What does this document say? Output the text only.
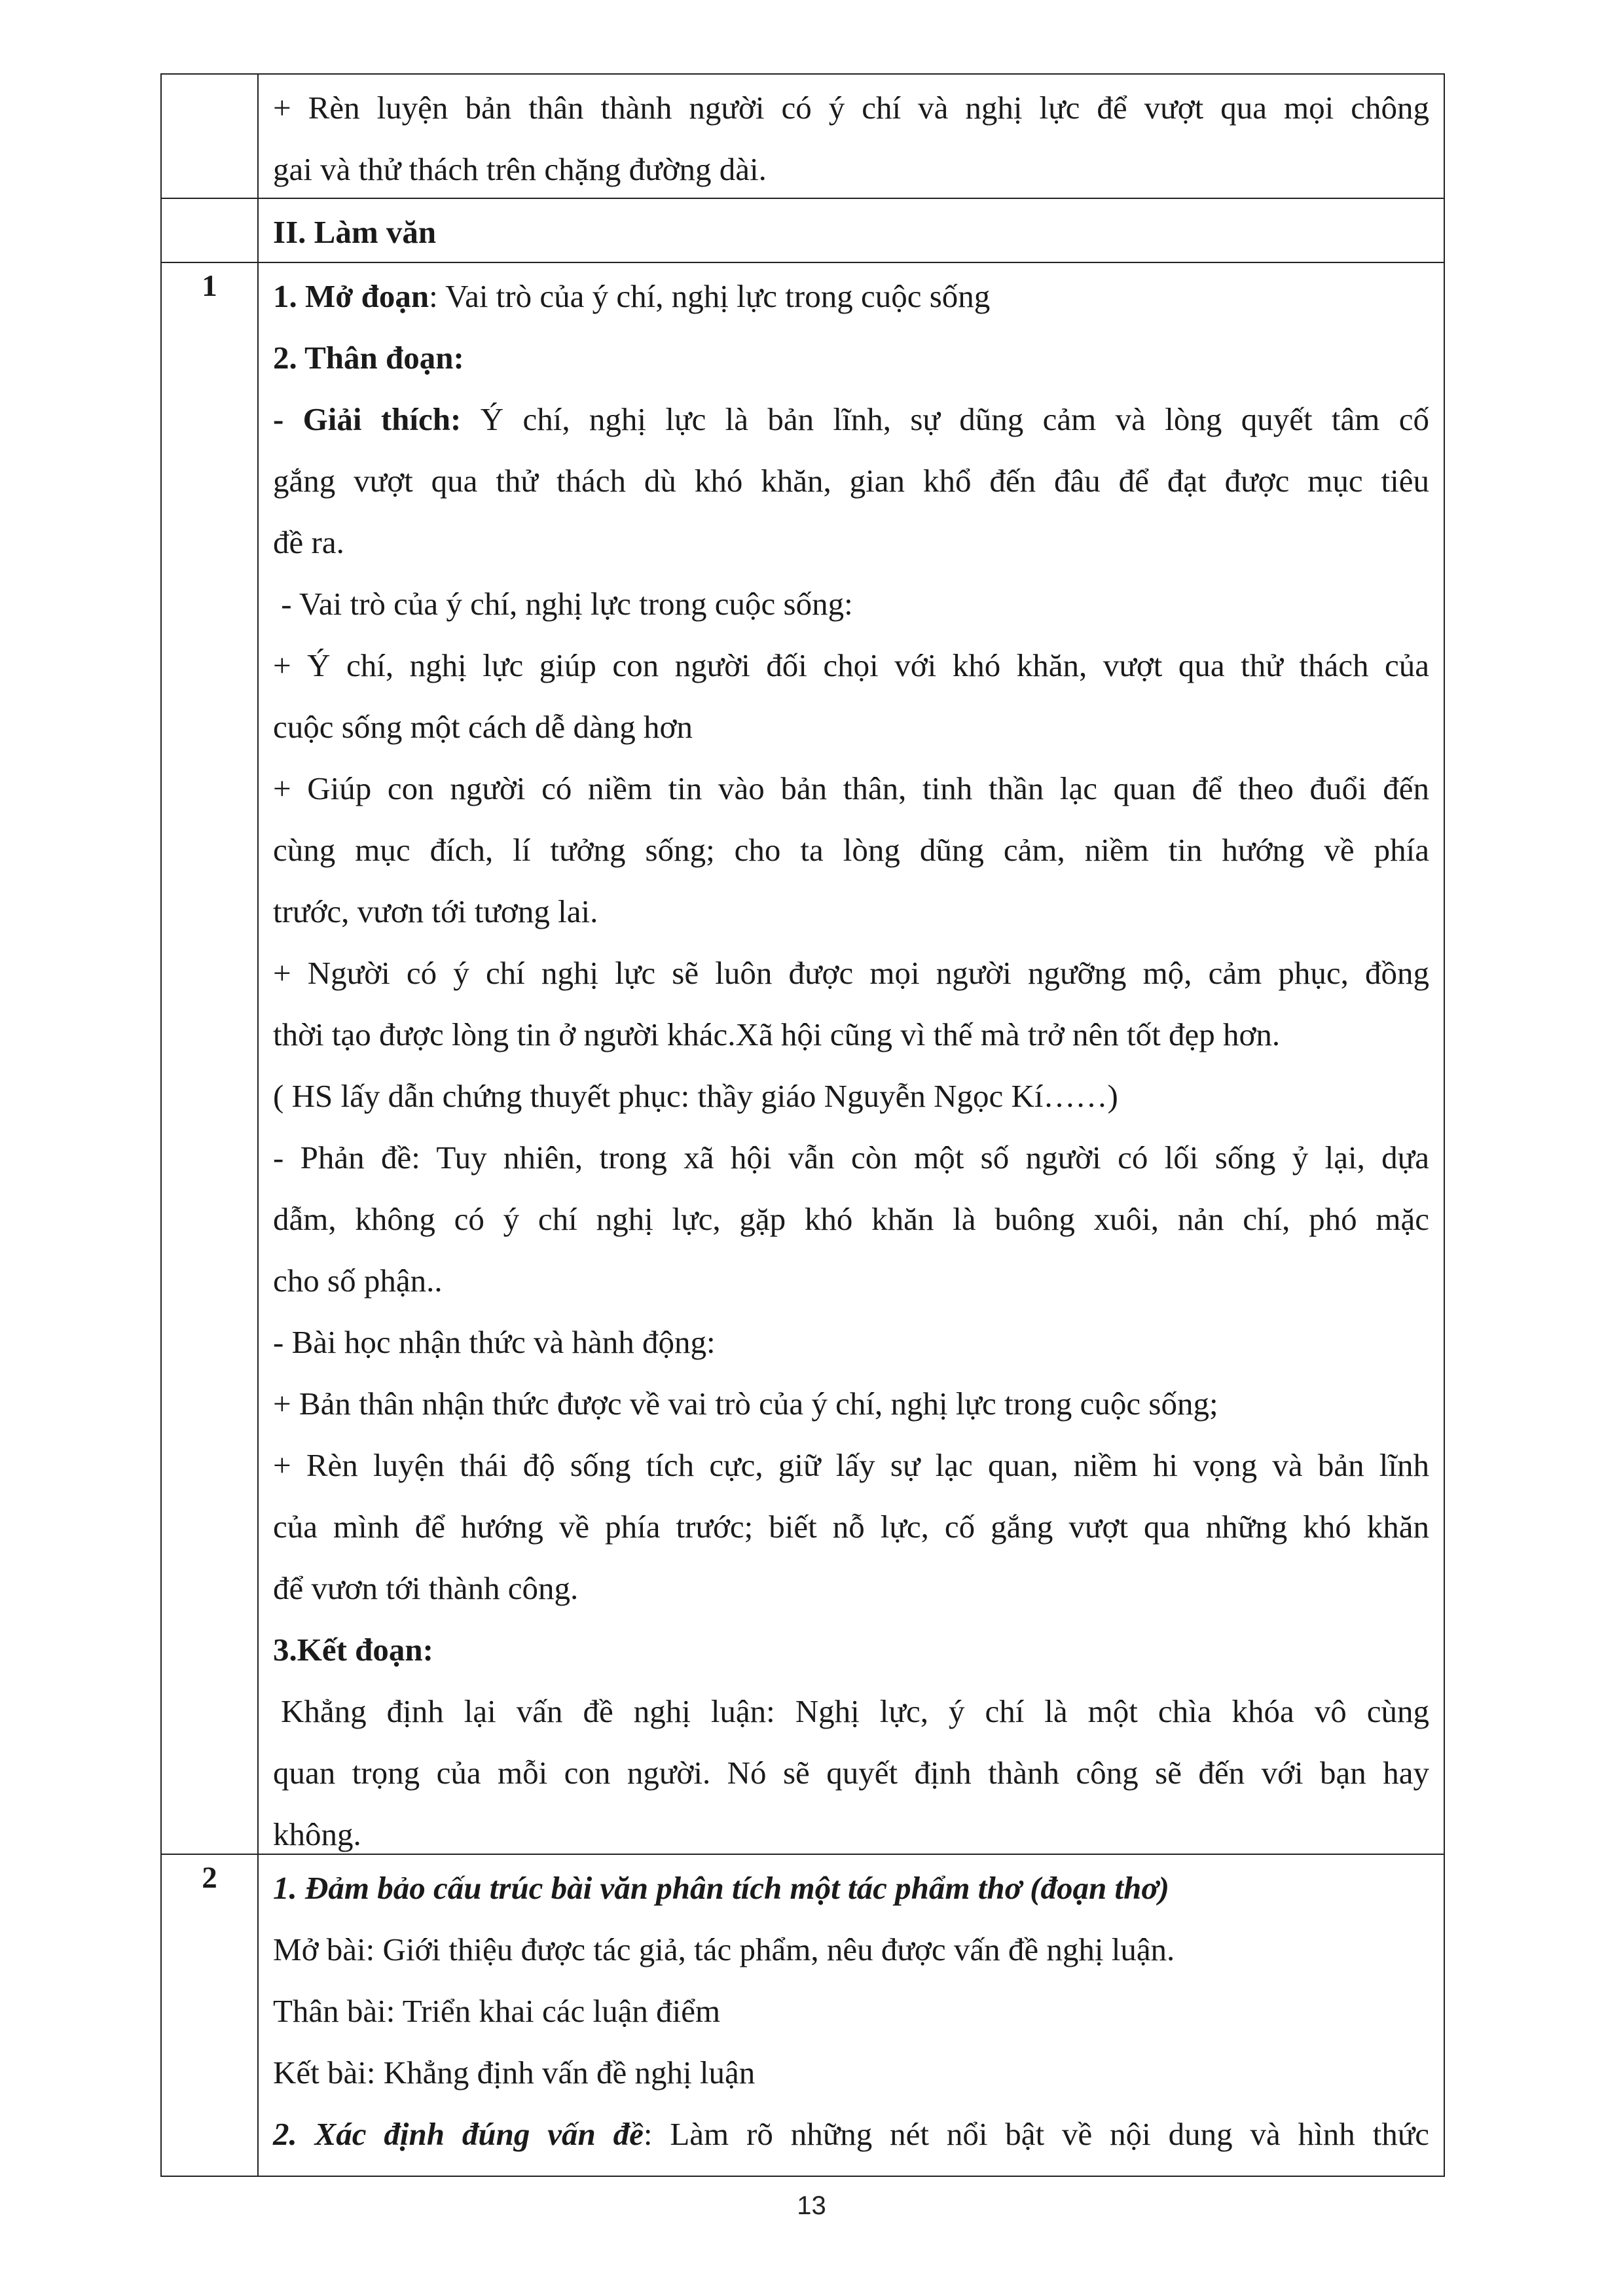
+ Rèn luyện bản thân thành người có ý chí và nghị lực để vượt qua mọi chông
gai và thử thách trên chặng đường dài.
II. Làm văn
1	1. Mở đoạn: Vai trò của ý chí, nghị lực trong cuộc sống
2. Thân đoạn:
- Giải thích: Ý chí, nghị lực là bản lĩnh, sự dũng cảm và lòng quyết tâm cố
gắng vượt qua thử thách dù khó khăn, gian khổ đến đâu để đạt được mục tiêu
đề ra.
- Vai trò của ý chí, nghị lực trong cuộc sống:
+ Ý chí, nghị lực giúp con người đối chọi với khó khăn, vượt qua thử thách của
cuộc sống một cách dễ dàng hơn
+ Giúp con người có niềm tin vào bản thân, tinh thần lạc quan để theo đuổi đến
cùng mục đích, lí tưởng sống; cho ta lòng dũng cảm, niềm tin hướng về phía
trước, vươn tới tương lai.
+ Người có ý chí nghị lực sẽ luôn được mọi người ngưỡng mộ, cảm phục, đồng
thời tạo được lòng tin ở người khác.Xã hội cũng vì thế mà trở nên tốt đẹp hơn.
( HS lấy dẫn chứng thuyết phục: thầy giáo Nguyễn Ngọc Kí……)
- Phản đề: Tuy nhiên, trong xã hội vẫn còn một số người có lối sống ỷ lại, dựa
dẫm, không có ý chí nghị lực, gặp khó khăn là buông xuôi, nản chí, phó mặc
cho số phận..
- Bài học nhận thức và hành động:
+ Bản thân nhận thức được về vai trò của ý chí, nghị lực trong cuộc sống;
+ Rèn luyện thái độ sống tích cực, giữ lấy sự lạc quan, niềm hi vọng và bản lĩnh
của mình để hướng về phía trước; biết nỗ lực, cố gắng vượt qua những khó khăn
để vươn tới thành công.
3.Kết đoạn:
Khẳng định lại vấn đề nghị luận: Nghị lực, ý chí là một chìa khóa vô cùng
quan trọng của mỗi con người. Nó sẽ quyết định thành công sẽ đến với bạn hay
không.
2	1. Đảm bảo cấu trúc bài văn phân tích một tác phẩm thơ (đoạn thơ)
Mở bài: Giới thiệu được tác giả, tác phẩm, nêu được vấn đề nghị luận.
Thân bài: Triển khai các luận điểm
Kết bài: Khẳng định vấn đề nghị luận
2. Xác định đúng vấn đề: Làm rõ những nét nổi bật về nội dung và hình thức
13
